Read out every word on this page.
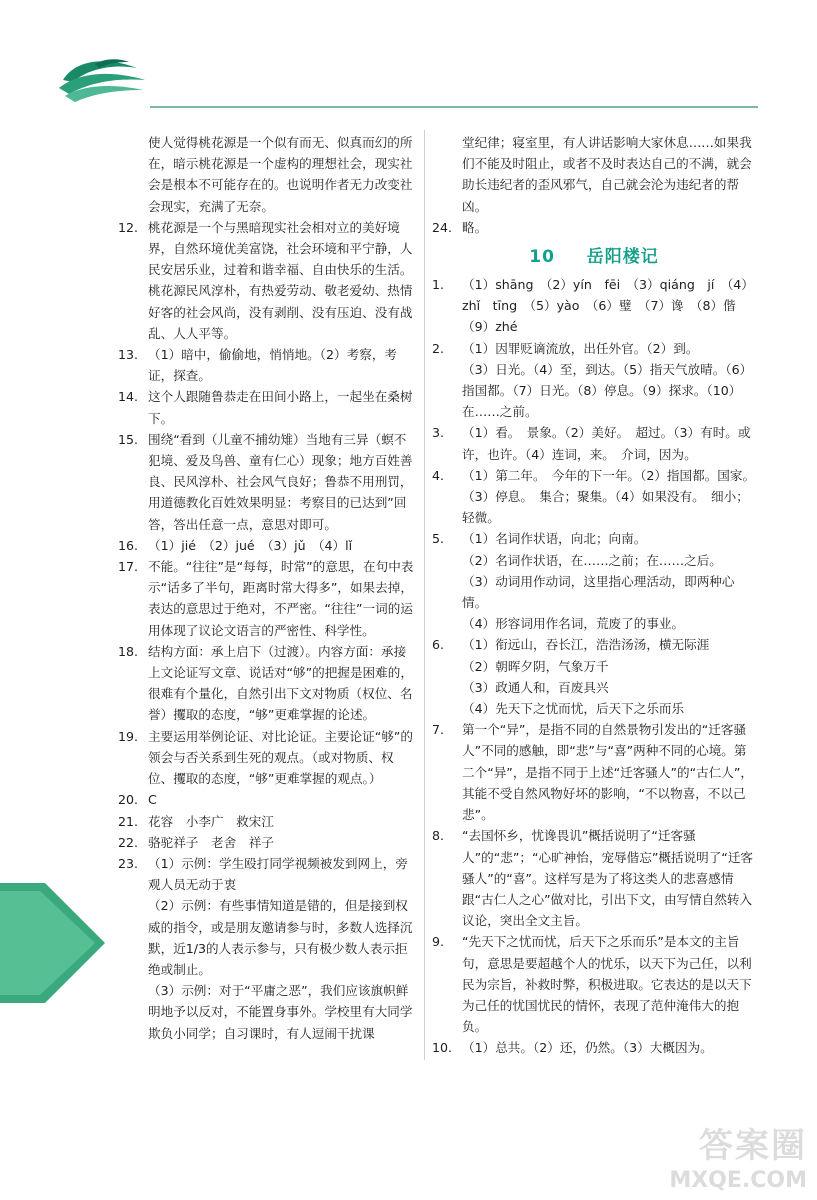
使人觉得桃花源是一个似有而无、似真而幻的所在，暗示桃花源是一个虚构的理想社会，现实社会是根本不可能存在的。也说明作者无力改变社会现实，充满了无奈。
12. 桃花源是一个与黑暗现实社会相对立的美好境界，自然环境优美富饶，社会环境和平宁静，人民安居乐业，过着和谐幸福、自由快乐的生活。桃花源民风淳朴，有热爱劳动、敬老爱幼、热情好客的社会风尚，没有剥削、没有压迫、没有战乱、人人平等。
13. （1）暗中，偷偷地，悄悄地。（2）考察，考证，探查。
14. 这个人跟随鲁恭走在田间小路上，一起坐在桑树下。
15. 围绕“看到（儿童不捕幼雉）当地有三异（螟不犯境、爱及鸟兽、童有仁心）现象；地方百姓善良、民风淳朴、社会风气良好；鲁恭不用刑罚，用道德教化百姓效果明显：考察目的已达到”回答，答出任意一点，意思对即可。
16. （1）jié　（2）jué　（3）jǔ　（4）lǐ
17. 不能。“往往”是“每每，时常”的意思，在句中表示“话多了半句，距离时常大得多”，如果去掉，表达的意思过于绝对，不严密。“往往”一词的运用体现了议论文语言的严密性、科学性。
18. 结构方面：承上启下（过渡）。内容方面：承接上文论证写文章、说话对“够”的把握是困难的，很难有个量化，自然引出下文对物质（权位、名誉）攫取的态度，“够”更难掌握的论述。
19. 主要运用举例论证、对比论证。主要论证“够”的领会与否关系到生死的观点。（或对物质、权位、攫取的态度，“够”更难掌握的观点。）
20. C
21. 花容　小李广　救宋江
22. 骆驼祥子　老舍　祥子
23. （1）示例：学生殴打同学视频被发到网上，旁观人员无动于衷
（2）示例：有些事情知道是错的，但是接到权威的指令，或是朋友邀请参与时，多数人选择沉默，近1/3的人表示参与，只有极少数人表示拒绝或制止。
（3）示例：对于“平庸之恶”，我们应该旗帜鲜明地予以反对，不能置身事外。学校里有大同学欺负小同学；自习课时，有人逗闹干扰课
堂纪律；寝室里，有人讲话影响大家休息……如果我们不能及时阻止，或者不及时表达自己的不满，就会助长违纪者的歪风邪气，自己就会沦为违纪者的帮凶。
24. 略。
10 　 岳阳楼记
1. （1）shāng　（2）yín　fēi　（3）qiáng　jí　（4）zhǐ　tīng　（5）yào　（6）璧　（7）谗　（8）偕　（9）zhé
2. （1）因罪贬谪流放，出任外官。（2）到。
（3）日光。（4）至，到达。（5）指天气放晴。（6）指国都。（7）日光。（8）停息。（9）探求。（10）在……之前。
3. （1）看。　景象。（2）美好。　超过。（3）有时。或许，也许。（4）连词，来。　介词，因为。
4. （1）第二年。　今年的下一年。（2）指国都。国家。（3）停息。　集合；聚集。（4）如果没有。　细小；轻微。
5. （1）名词作状语，向北；向南。
（2）名词作状语，在……之前；在……之后。
（3）动词用作动词，这里指心理活动，即两种心情。
（4）形容词用作名词，荒废了的事业。
6. （1）衔远山，吞长江，浩浩汤汤，横无际涯
（2）朝晖夕阴，气象万千
（3）政通人和，百废具兴
（4）先天下之忧而忧，后天下之乐而乐
7. 第一个“异”，是指不同的自然景物引发出的“迁客骚人”不同的感触，即“悲”与“喜”两种不同的心境。第二个“异”，是指不同于上述“迁客骚人”的“古仁人”，其能不受自然风物好坏的影响，“不以物喜，不以己悲”。
8. “去国怀乡，忧谗畏讥”概括说明了“迁客骚人”的“悲”；“心旷神怡，宠辱偕忘”概括说明了“迁客骚人”的“喜”。这样写是为了将这类人的悲喜感情跟“古仁人之心”做对比，引出下文，由写情自然转入议论，突出全文主旨。
9. “先天下之忧而忧，后天下之乐而乐”是本文的主旨句，意思是要超越个人的忧乐，以天下为己任，以利民为宗旨，补救时弊，积极进取。它表达的是以天下为己任的忧国忧民的情怀，表现了范仲淹伟大的抱负。
10. （1）总共。（2）还，仍然。（3）大概因为。
答案圈
MXQE.COM
